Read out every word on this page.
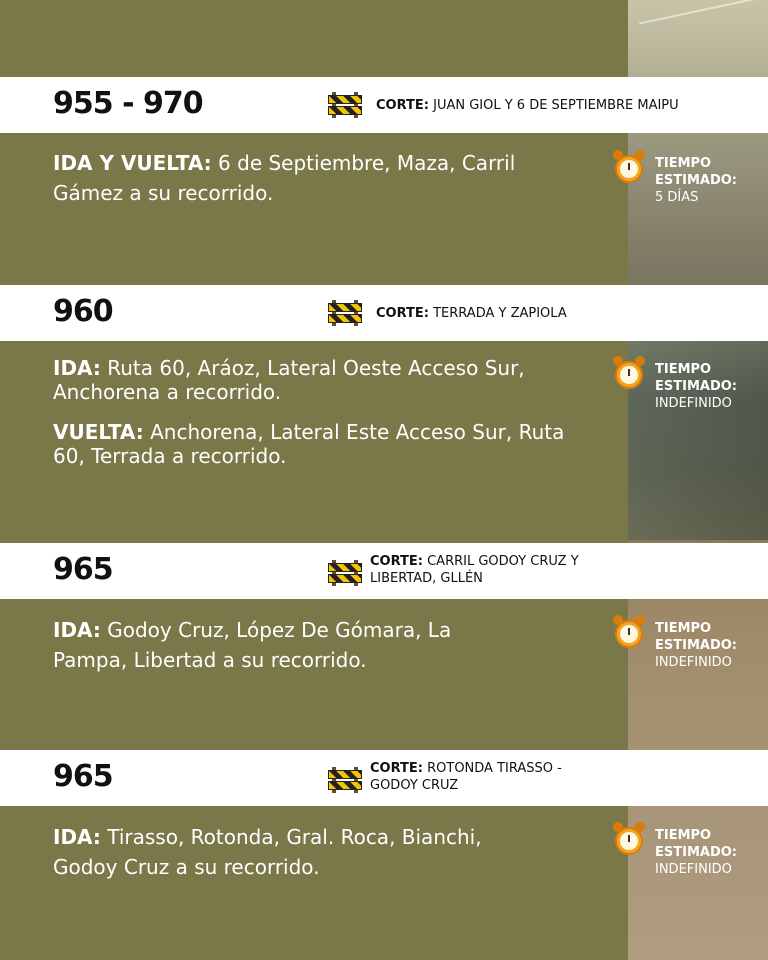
955 - 970	CORTE: JUAN GIOL Y 6 DE SEPTIEMBRE MAIPU
IDA Y VUELTA: 6 de Septiembre, Maza, Carril Gámez a su recorrido.
TIEMPO
ESTIMADO:
5 DÍAS
960	CORTE: TERRADA Y ZAPIOLA
IDA: Ruta 60, Aráoz, Lateral Oeste Acceso Sur, Anchorena a recorrido.
VUELTA: Anchorena, Lateral Este Acceso Sur, Ruta 60, Terrada a recorrido.
TIEMPO
ESTIMADO:
INDEFINIDO
965	CORTE: CARRIL GODOY CRUZ Y LIBERTAD, GLLÉN
IDA: Godoy Cruz, López De Gómara, La Pampa, Libertad a su recorrido.
TIEMPO
ESTIMADO:
INDEFINIDO
965	CORTE: ROTONDA TIRASSO - GODOY CRUZ
IDA: Tirasso, Rotonda, Gral. Roca, Bianchi, Godoy Cruz a su recorrido.
TIEMPO
ESTIMADO:
INDEFINIDO
